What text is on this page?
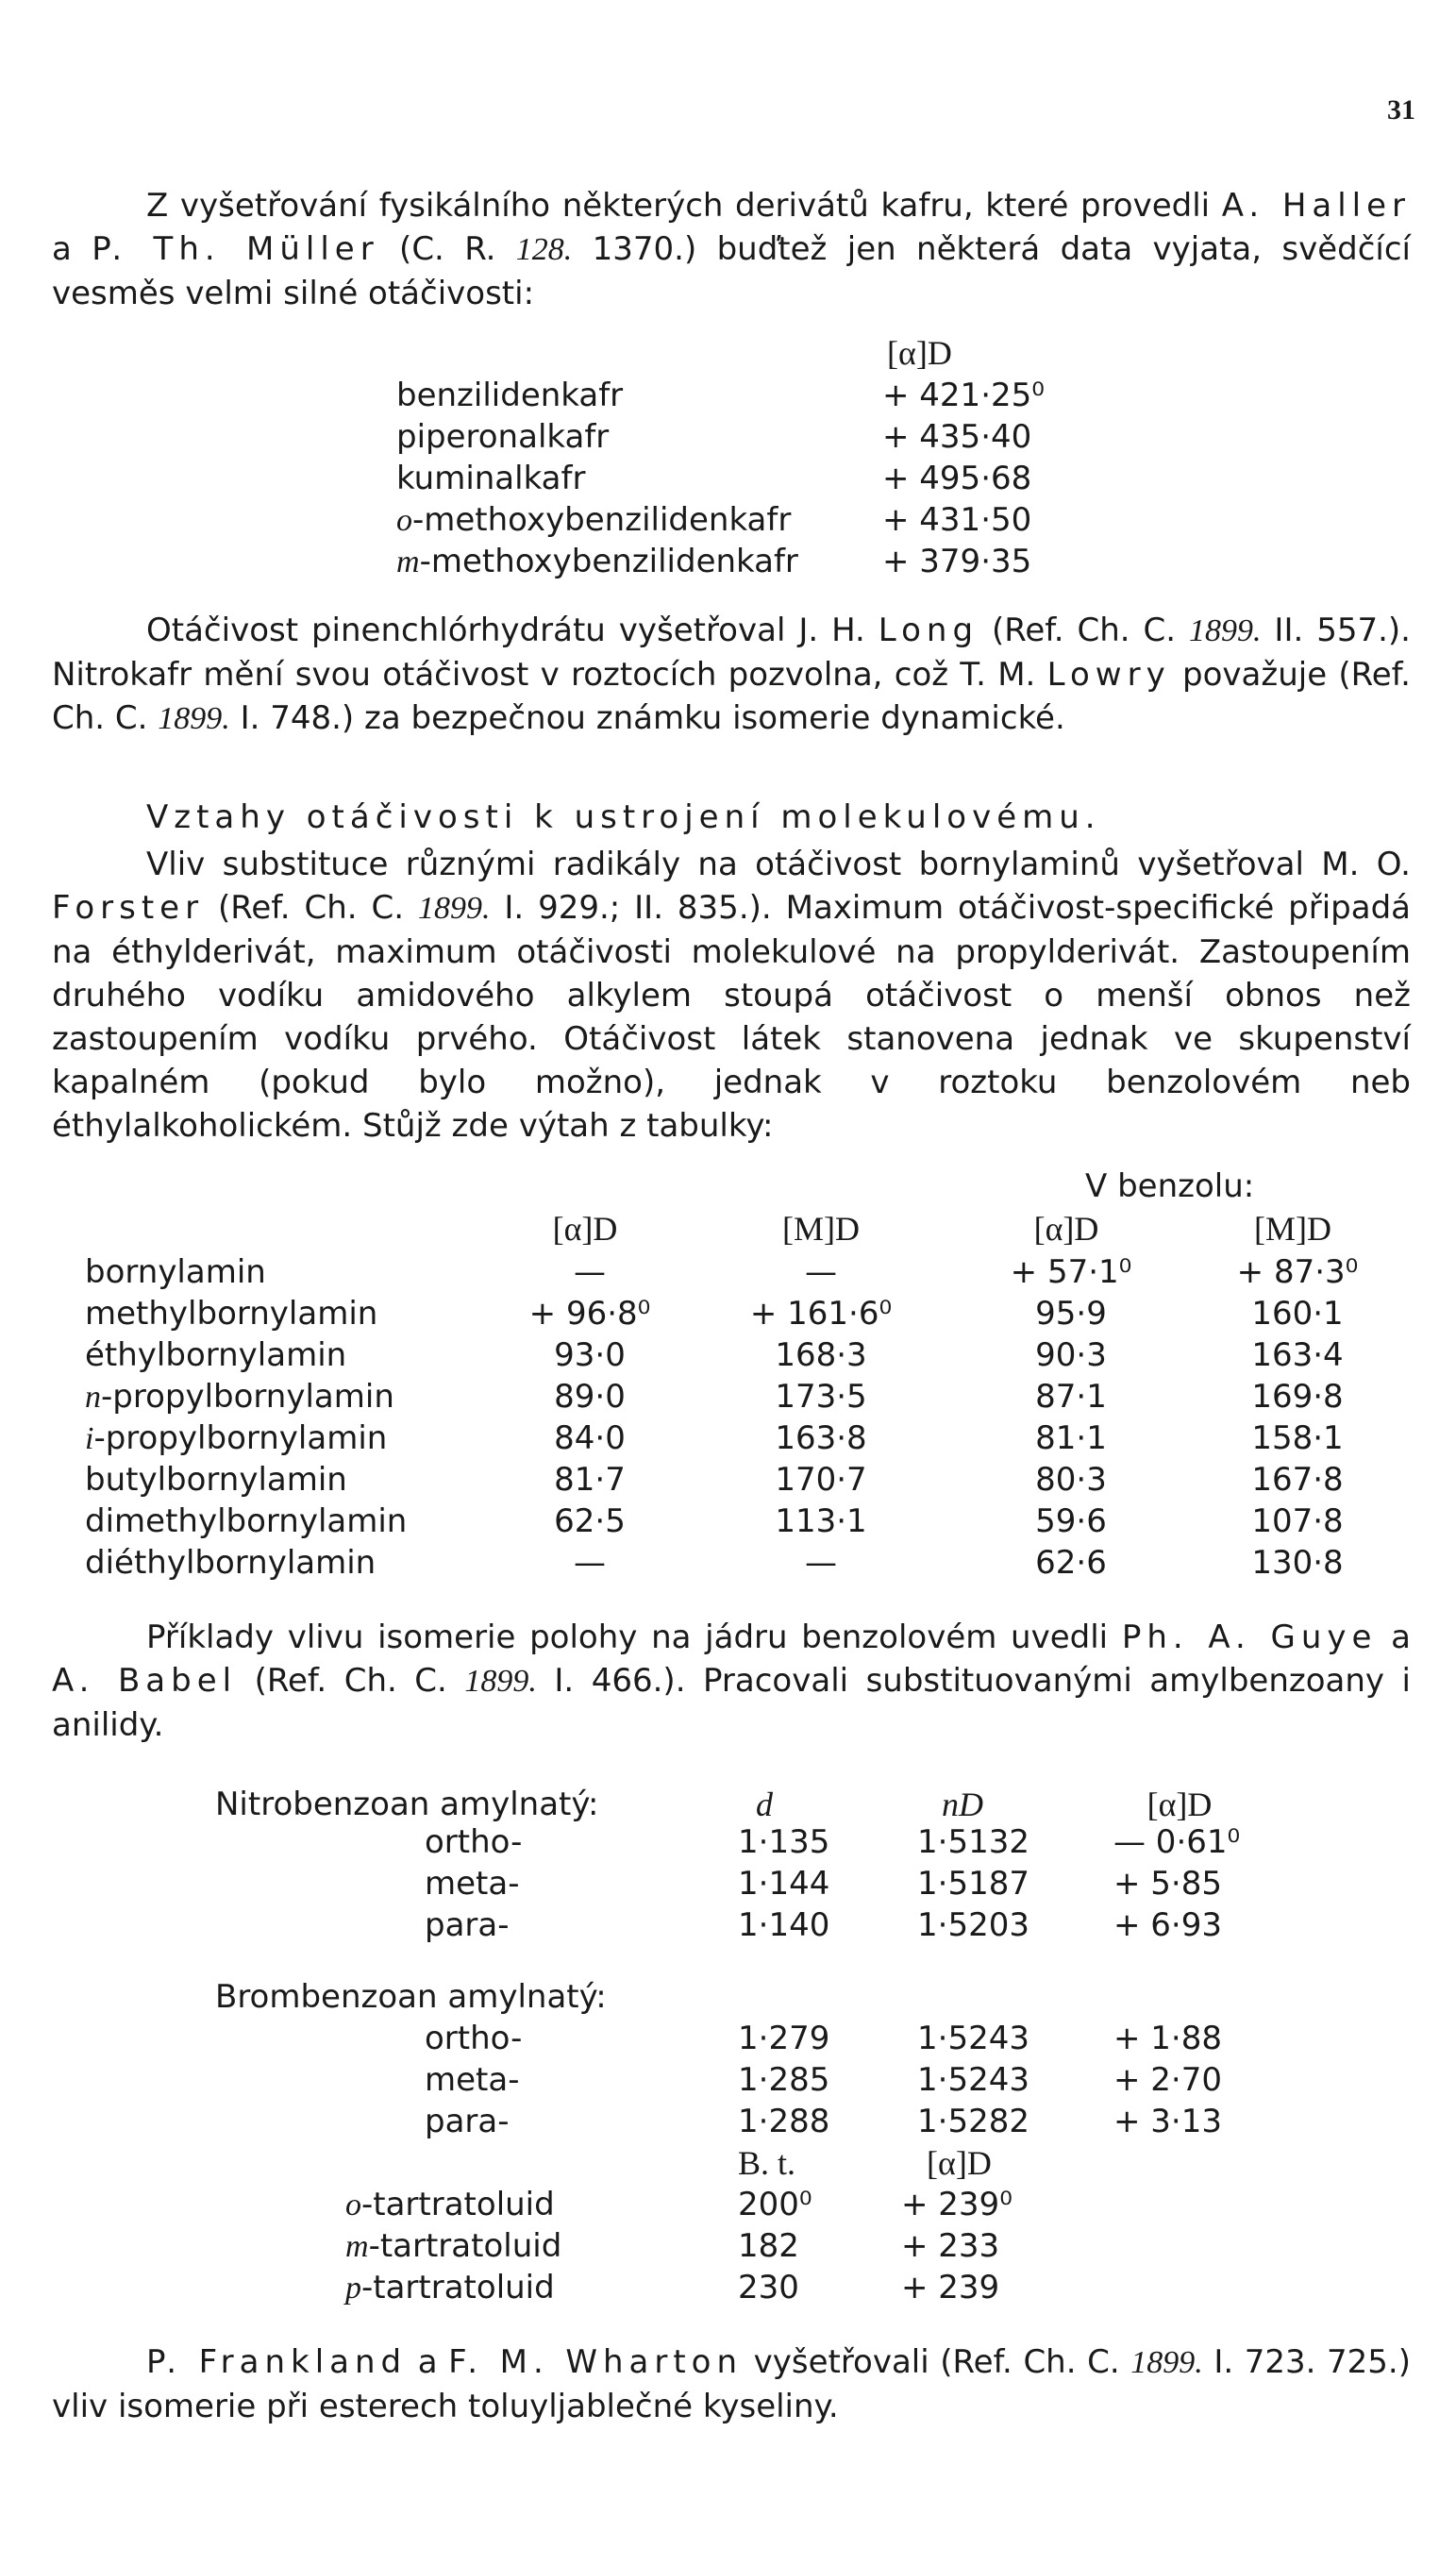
31

Z vyšetřování fysikálního některých derivátů kafru, které provedli A. Haller a P. Th. Müller (C. R. 128. 1370.) buďtež jen některá data vyjata, svědčící vesměs velmi silné otáčivosti:

[α]D
benzilidenkafr	+ 421·25⁰
piperonalkafr	+ 435·40
kuminalkafr	+ 495·68
o-methoxybenzilidenkafr	+ 431·50
m-methoxybenzilidenkafr	+ 379·35

Otáčivost pinenchlórhydrátu vyšetřoval J. H. Long (Ref. Ch. C. 1899. II. 557.). Nitrokafr mění svou otáčivost v roztocích pozvolna, což T. M. Lowry považuje (Ref. Ch. C. 1899. I. 748.) za bezpečnou známku isomerie dynamické.

Vztahy otáčivosti k ustrojení molekulovému.

Vliv substituce různými radikály na otáčivost bornylaminů vyšetřoval M. O. Forster (Ref. Ch. C. 1899. I. 929.; II. 835.). Maximum otáčivost-specifické připadá na éthylderivát, maximum otáčivosti molekulové na propylderivát. Zastoupením druhého vodíku amidového alkylem stoupá otáčivost o menší obnos než zastoupením vodíku prvého. Otáčivost látek stanovena jednak ve skupenství kapalném (pokud bylo možno), jednak v roztoku benzolovém neb éthylalkoholickém. Stůjž zde výtah z tabulky:

V benzolu:
[α]D	[M]D	[α]D	[M]D
bornylamin	—	—	+ 57·1⁰	+ 87·3⁰
methylbornylamin	+ 96·8⁰	+ 161·6⁰	95·9	160·1
éthylbornylamin	93·0	168·3	90·3	163·4
n-propylbornylamin	89·0	173·5	87·1	169·8
i-propylbornylamin	84·0	163·8	81·1	158·1
butylbornylamin	81·7	170·7	80·3	167·8
dimethylbornylamin	62·5	113·1	59·6	107·8
diéthylbornylamin	—	—	62·6	130·8

Příklady vlivu isomerie polohy na jádru benzolovém uvedli Ph. A. Guye a A. Babel (Ref. Ch. C. 1899. I. 466.). Pracovali substituovanými amylbenzoany i anilidy.

Nitrobenzoan amylnatý:	d	nD	[α]D
ortho-	1·135	1·5132	— 0·61⁰
meta-	1·144	1·5187	+ 5·85
para-	1·140	1·5203	+ 6·93
Brombenzoan amylnatý:
ortho-	1·279	1·5243	+ 1·88
meta-	1·285	1·5243	+ 2·70
para-	1·288	1·5282	+ 3·13
B. t.	[α]D
o-tartratoluid	200⁰	+ 239⁰
m-tartratoluid	182	+ 233
p-tartratoluid	230	+ 239

P. Frankland a F. M. Wharton vyšetřovali (Ref. Ch. C. 1899. I. 723. 725.) vliv isomerie při esterech toluyljablečné kyseliny.
